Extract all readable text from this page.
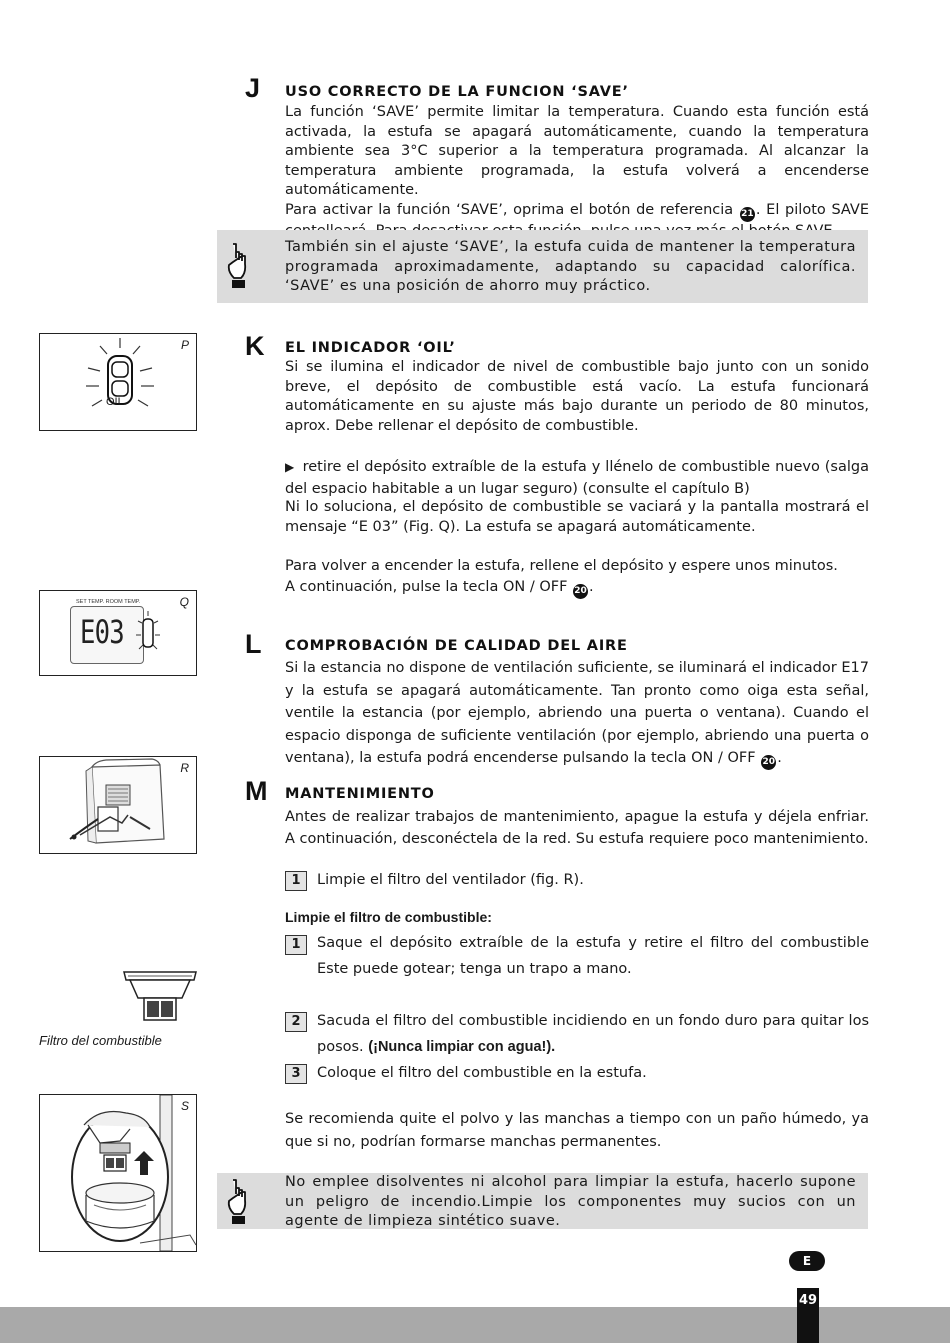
J USO CORRECTO DE LA FUNCION ‘SAVE’
La función ‘SAVE’ permite limitar la temperatura. Cuando esta función está activada, la estufa se apagará automáticamente, cuando la temperatura ambiente sea 3°C superior a la temperatura programada. Al alcanzar la temperatura ambiente programada, la estufa volverá a encenderse automáticamente.
Para activar la función ‘SAVE’, oprima el botón de referencia 21 . El piloto SAVE
También sin el ajuste ‘SAVE’, la estufa cuida de mantener la temperatura programada aproximadamente, adaptando su capacidad calorífica. ‘SAVE’ es una posición de ahorro muy práctico.
K EL INDICADOR ‘OIL’
Si se ilumina el indicador de nivel de combustible bajo junto con un sonido breve, el depósito de combustible está vacío. La estufa funcionará automáticamente en su ajuste más bajo durante un periodo de 80 minutos, aprox. Debe rellenar el depósito de combustible.
▶ retire el depósito extraíble de la estufa y llénelo de combustible nuevo (salga del espacio habitable a un lugar seguro) (consulte el capítulo B)
Ni lo soluciona, el depósito de combustible se vaciará y la pantalla mostrará el mensaje “E 03” (Fig. Q). La estufa se apagará automáticamente.
Para volver a encender la estufa, rellene el depósito y espere unos minutos.
A continuación, pulse la tecla ON / OFF 20 .
L COMPROBACIÓN DE CALIDAD DEL AIRE
Si la estancia no dispone de ventilación suficiente, se iluminará el indicador E17 y la estufa se apagará automáticamente. Tan pronto como oiga esta señal, ventile la estancia (por ejemplo, abriendo una puerta o ventana). Cuando el espacio disponga de suficiente ventilación (por ejemplo, abriendo una puerta o ventana), la estufa podrá encenderse pulsando la tecla ON / OFF 20 .
M MANTENIMIENTO
Antes de realizar trabajos de mantenimiento, apague la estufa y déjela enfriar. A continuación, desconéctela de la red. Su estufa requiere poco mantenimiento.
1	Limpie el filtro del ventilador (fig. R).
Limpie el filtro de combustible:
1	Saque el depósito extraíble de la estufa y retire el filtro del combustible Este puede gotear; tenga un trapo a mano.
2	Sacuda el filtro del combustible incidiendo en un fondo duro para quitar los posos. (¡Nunca limpiar con agua!).
3	Coloque el filtro del combustible en la estufa.
Se recomienda quite el polvo y las manchas a tiempo con un paño húmedo, ya que si no, podrían formarse manchas permanentes.
No emplee disolventes ni alcohol para limpiar la estufa, hacerlo supone un peligro de incendio.Limpie los componentes muy sucios con un agente de limpieza sintético suave.
P
OIL
Q
SET TEMP. ROOM TEMP.
E03
R
Filtro del combustible
S
E
49
